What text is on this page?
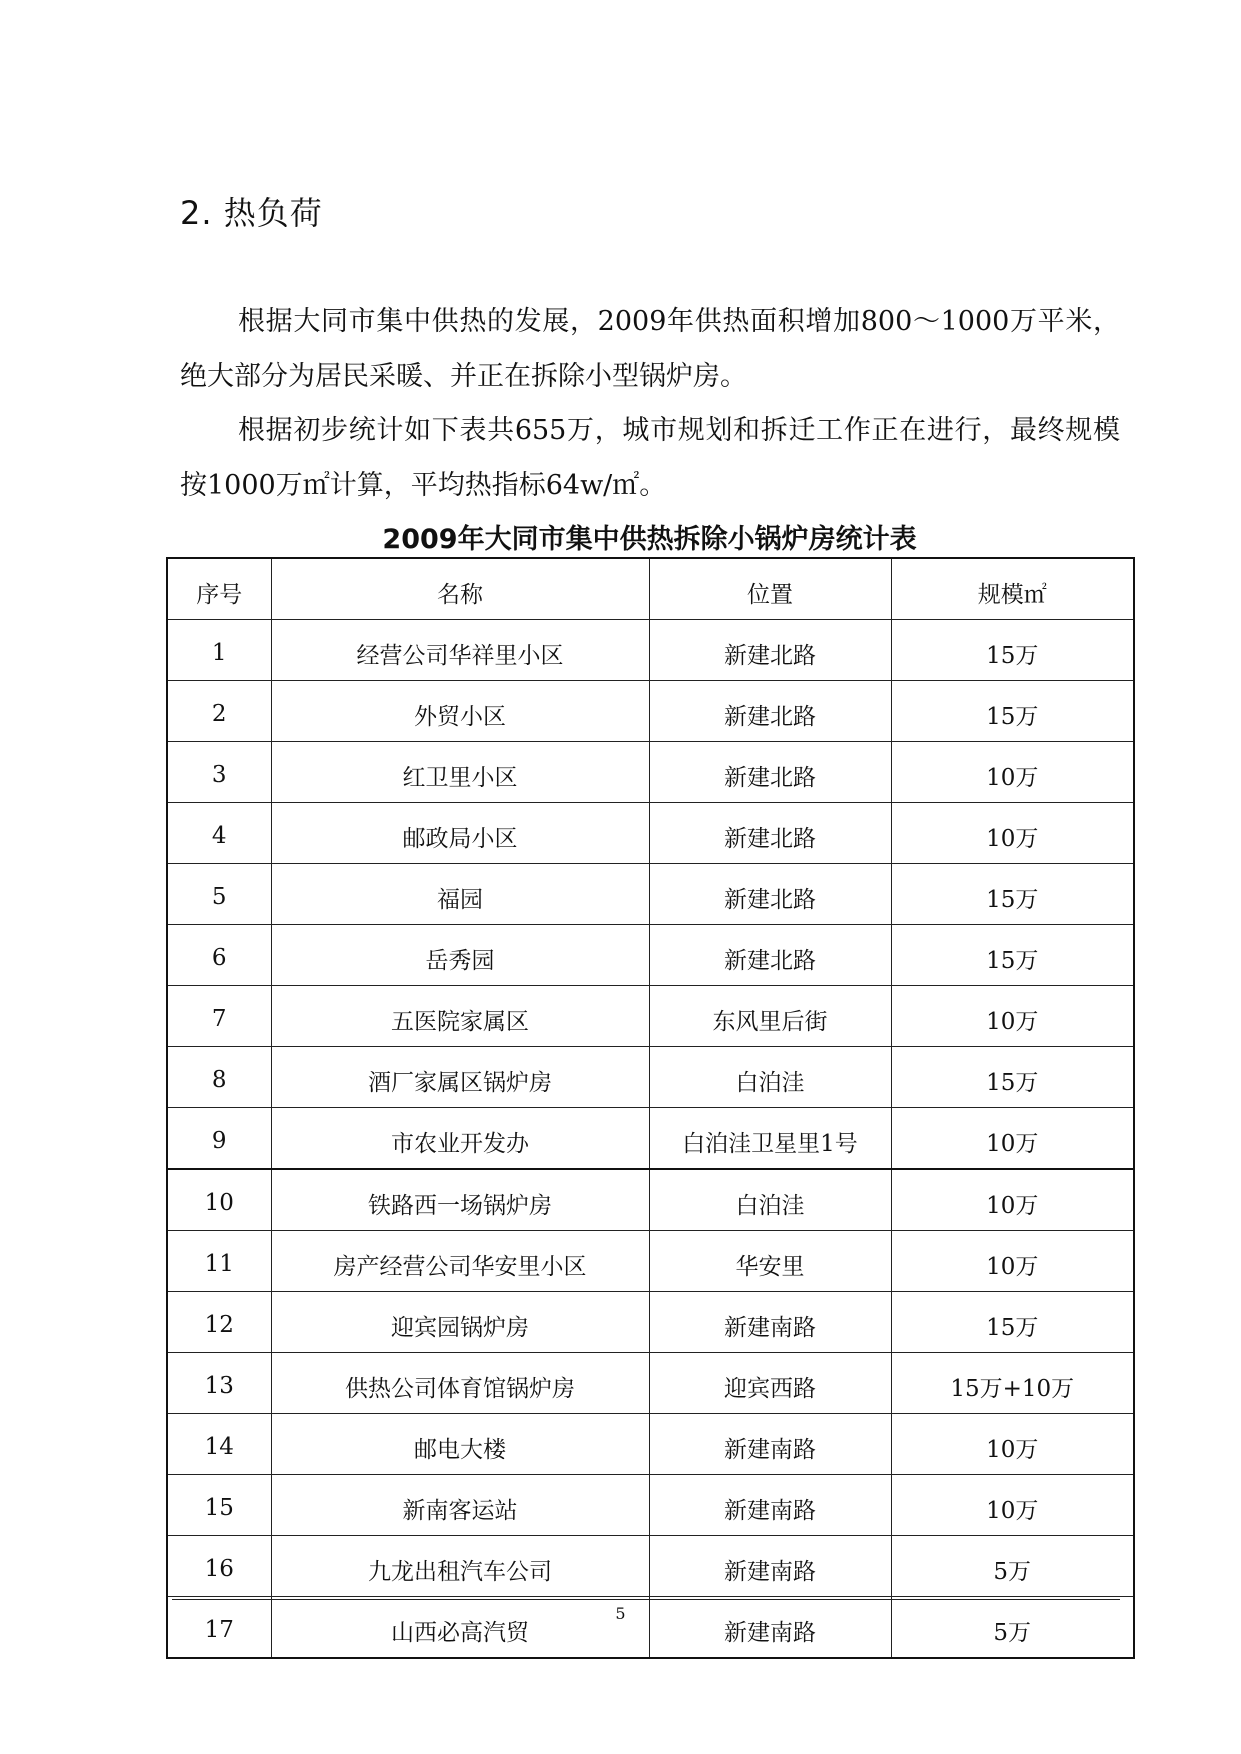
2. 热负荷

根据大同市集中供热的发展，2009年供热面积增加800～1000万平米，绝大部分为居民采暖、并正在拆除小型锅炉房。

根据初步统计如下表共655万，城市规划和拆迁工作正在进行，最终规模按1000万㎡计算，平均热指标64w/㎡。

2009年大同市集中供热拆除小锅炉房统计表
序号	名称	位置	规模㎡
1	经营公司华祥里小区	新建北路	15万
2	外贸小区	新建北路	15万
3	红卫里小区	新建北路	10万
4	邮政局小区	新建北路	10万
5	福园	新建北路	15万
6	岳秀园	新建北路	15万
7	五医院家属区	东风里后街	10万
8	酒厂家属区锅炉房	白泊洼	15万
9	市农业开发办	白泊洼卫星里1号	10万
10	铁路西一场锅炉房	白泊洼	10万
11	房产经营公司华安里小区	华安里	10万
12	迎宾园锅炉房	新建南路	15万
13	供热公司体育馆锅炉房	迎宾西路	15万+10万
14	邮电大楼	新建南路	10万
15	新南客运站	新建南路	10万
16	九龙出租汽车公司	新建南路	5万
17	山西必高汽贸	新建南路	5万
5
